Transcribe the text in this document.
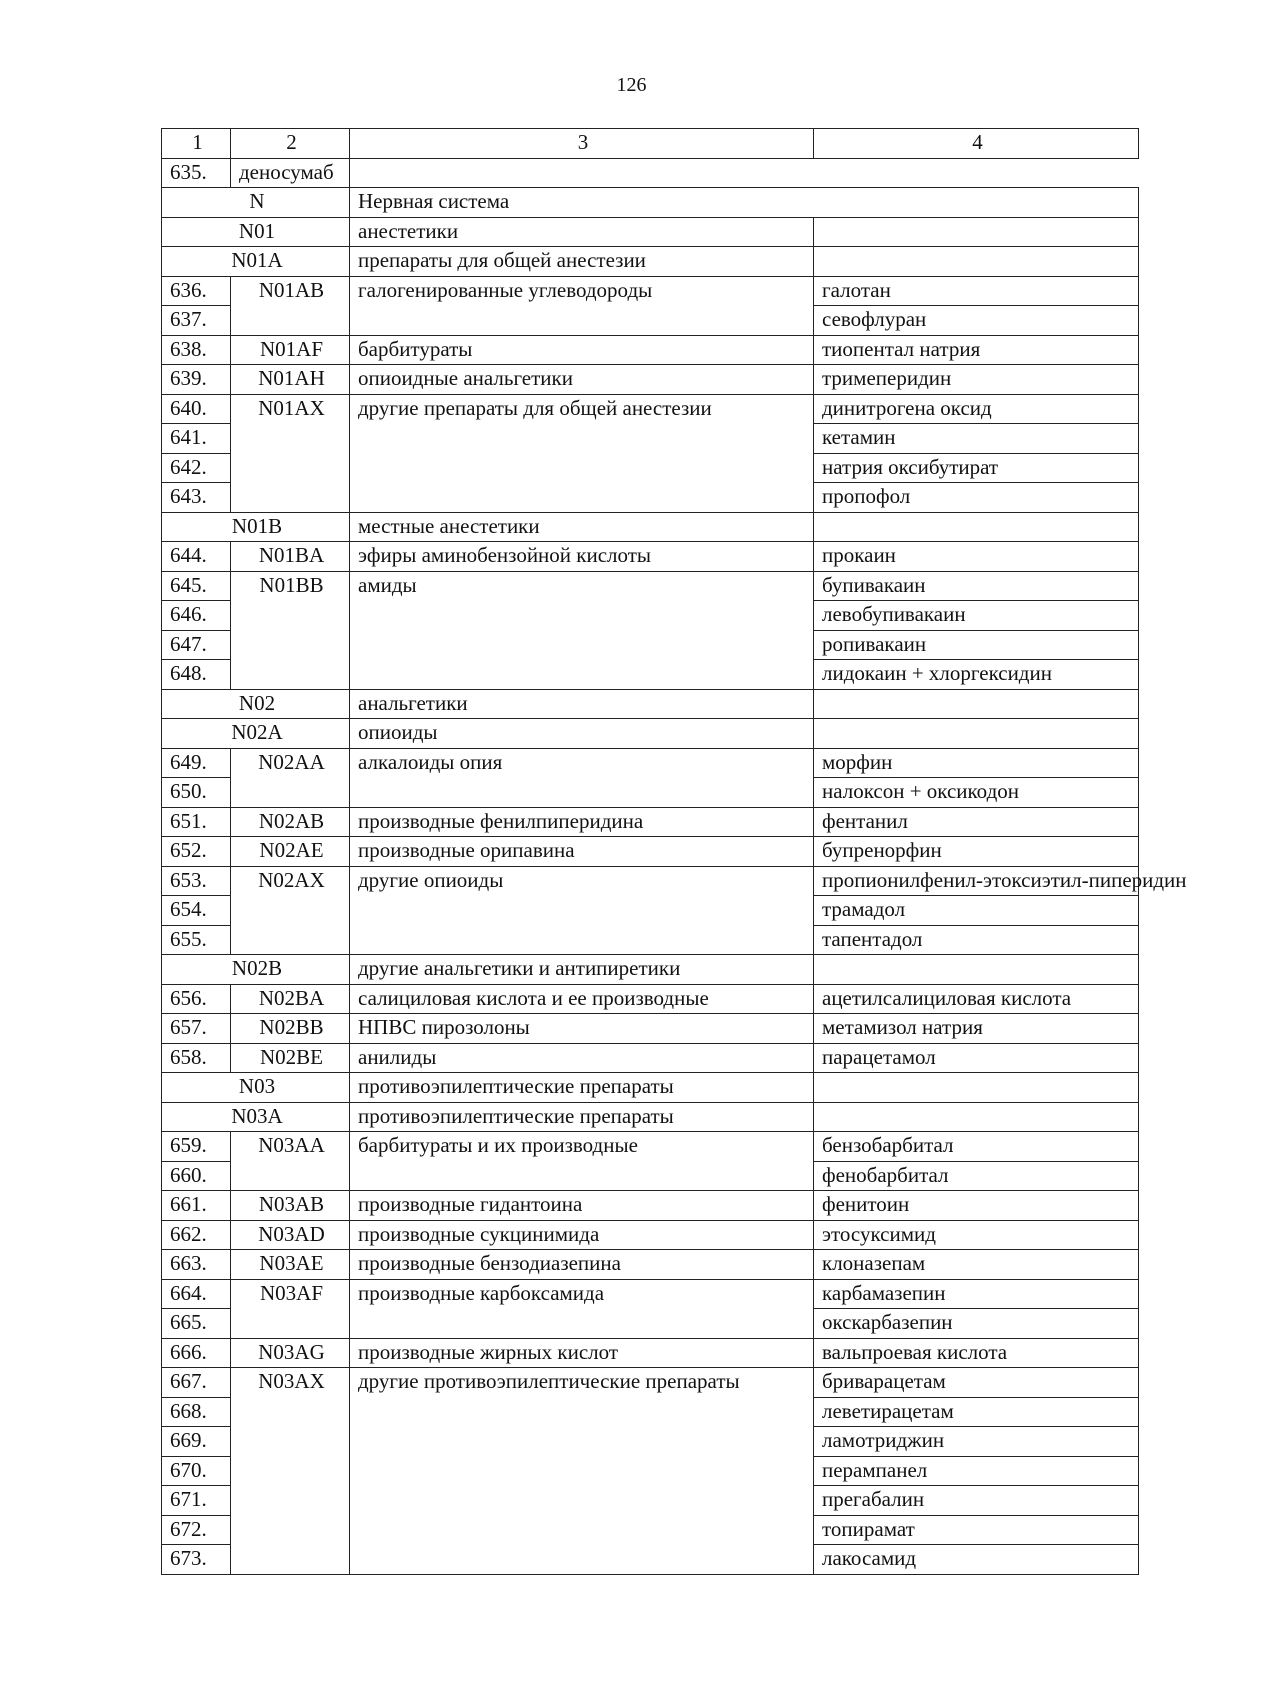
126
1	2	3	4
635.	деносумаб		
N		Нервная система	
N01		анестетики	
N01A		препараты для общей анестезии	
636.	N01AB	галогенированные углеводороды	галотан
637.			севофлуран
638.	N01AF	барбитураты	тиопентал натрия
639.	N01AH	опиоидные анальгетики	тримеперидин
640.	N01AX	другие препараты для общей анестезии	динитрогена оксид
641.			кетамин
642.			натрия оксибутират
643.			пропофол
N01B		местные анестетики	
644.	N01BA	эфиры аминобензойной кислоты	прокаин
645.	N01BB	амиды	бупивакаин
646.			левобупивакаин
647.			ропивакаин
648.			лидокаин + хлоргексидин
N02		анальгетики	
N02A		опиоиды	
649.	N02AA	алкалоиды опия	морфин
650.			налоксон + оксикодон
651.	N02AB	производные фенилпиперидина	фентанил
652.	N02AE	производные орипавина	бупренорфин
653.	N02AX	другие опиоиды	пропионилфенил-этоксиэтил-пиперидин
654.			трамадол
655.			тапентадол
N02B		другие анальгетики и антипиретики	
656.	N02BA	салициловая кислота и ее производные	ацетилсалициловая кислота
657.	N02BB	НПВС пирозолоны	метамизол натрия
658.	N02BE	анилиды	парацетамол
N03		противоэпилептические препараты	
N03A		противоэпилептические препараты	
659.	N03AA	барбитураты и их производные	бензобарбитал
660.			фенобарбитал
661.	N03AB	производные гидантоина	фенитоин
662.	N03AD	производные сукцинимида	этосуксимид
663.	N03AE	производные бензодиазепина	клоназепам
664.	N03AF	производные карбоксамида	карбамазепин
665.			окскарбазепин
666.	N03AG	производные жирных кислот	вальпроевая кислота
667.	N03AX	другие противоэпилептические препараты	бриварацетам
668.			леветирацетам
669.			ламотриджин
670.			перампанел
671.			прегабалин
672.			топирамат
673.			лакосамид
